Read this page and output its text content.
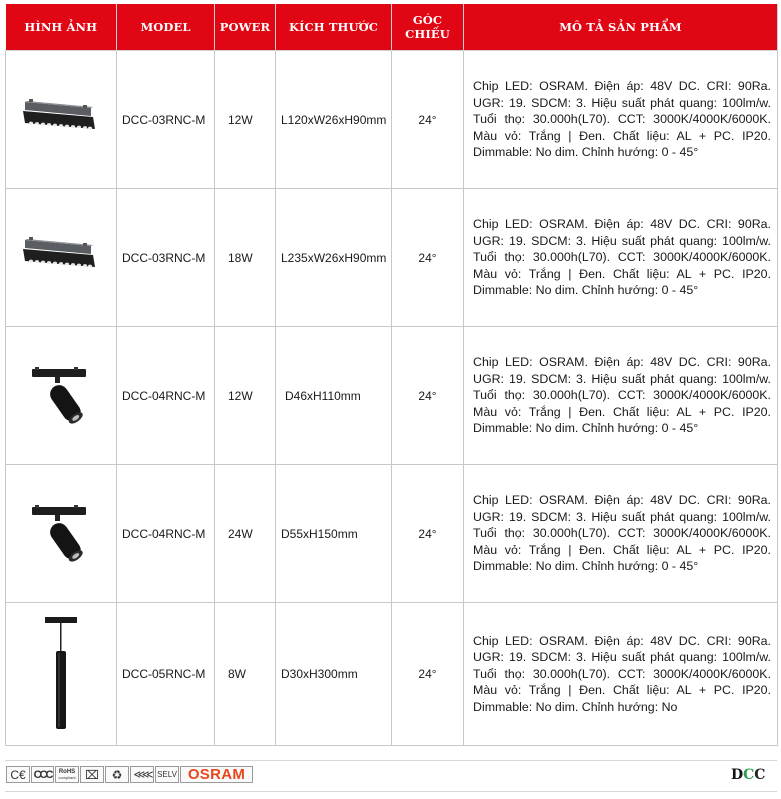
HÌNH ẢNH	MODEL	POWER	KÍCH THƯỚC	GÓC CHIẾU	MÔ TẢ SẢN PHẨM
	DCC-03RNC-M	12W	L120xW26xH90mm	24°	Chip LED: OSRAM. Điện áp: 48V DC. CRI: 90Ra. UGR: 19. SDCM: 3. Hiệu suất phát quang: 100lm/w. Tuổi thọ: 30.000h(L70). CCT: 3000K/4000K/6000K. Màu vỏ: Trắng | Đen. Chất liệu: AL + PC. IP20. Dimmable: No dim. Chỉnh hướng: 0 - 45°
	DCC-03RNC-M	18W	L235xW26xH90mm	24°	Chip LED: OSRAM. Điện áp: 48V DC. CRI: 90Ra. UGR: 19. SDCM: 3. Hiệu suất phát quang: 100lm/w. Tuổi thọ: 30.000h(L70). CCT: 3000K/4000K/6000K. Màu vỏ: Trắng | Đen. Chất liệu: AL + PC. IP20. Dimmable: No dim. Chỉnh hướng: 0 - 45°
	DCC-04RNC-M	12W	D46xH110mm	24°	Chip LED: OSRAM. Điện áp: 48V DC. CRI: 90Ra. UGR: 19. SDCM: 3. Hiệu suất phát quang: 100lm/w. Tuổi thọ: 30.000h(L70). CCT: 3000K/4000K/6000K. Màu vỏ: Trắng | Đen. Chất liệu: AL + PC. IP20. Dimmable: No dim. Chỉnh hướng: 0 - 45°
	DCC-04RNC-M	24W	D55xH150mm	24°	Chip LED: OSRAM. Điện áp: 48V DC. CRI: 90Ra. UGR: 19. SDCM: 3. Hiệu suất phát quang: 100lm/w. Tuổi thọ: 30.000h(L70). CCT: 3000K/4000K/6000K. Màu vỏ: Trắng | Đen. Chất liệu: AL + PC. IP20. Dimmable: No dim. Chỉnh hướng: 0 - 45°
	DCC-05RNC-M	8W	D30xH300mm	24°	Chip LED: OSRAM. Điện áp: 48V DC. CRI: 90Ra. UGR: 19. SDCM: 3. Hiệu suất phát quang: 100lm/w. Tuổi thọ: 30.000h(L70). CCT: 3000K/4000K/6000K. Màu vỏ: Trắng | Đen. Chất liệu: AL + PC. IP20. Dimmable: No dim. Chỉnh hướng: No
C€ CCC	RoHS
compliant ⌧	♻	≪≪ SELV OSRAM	D C C
